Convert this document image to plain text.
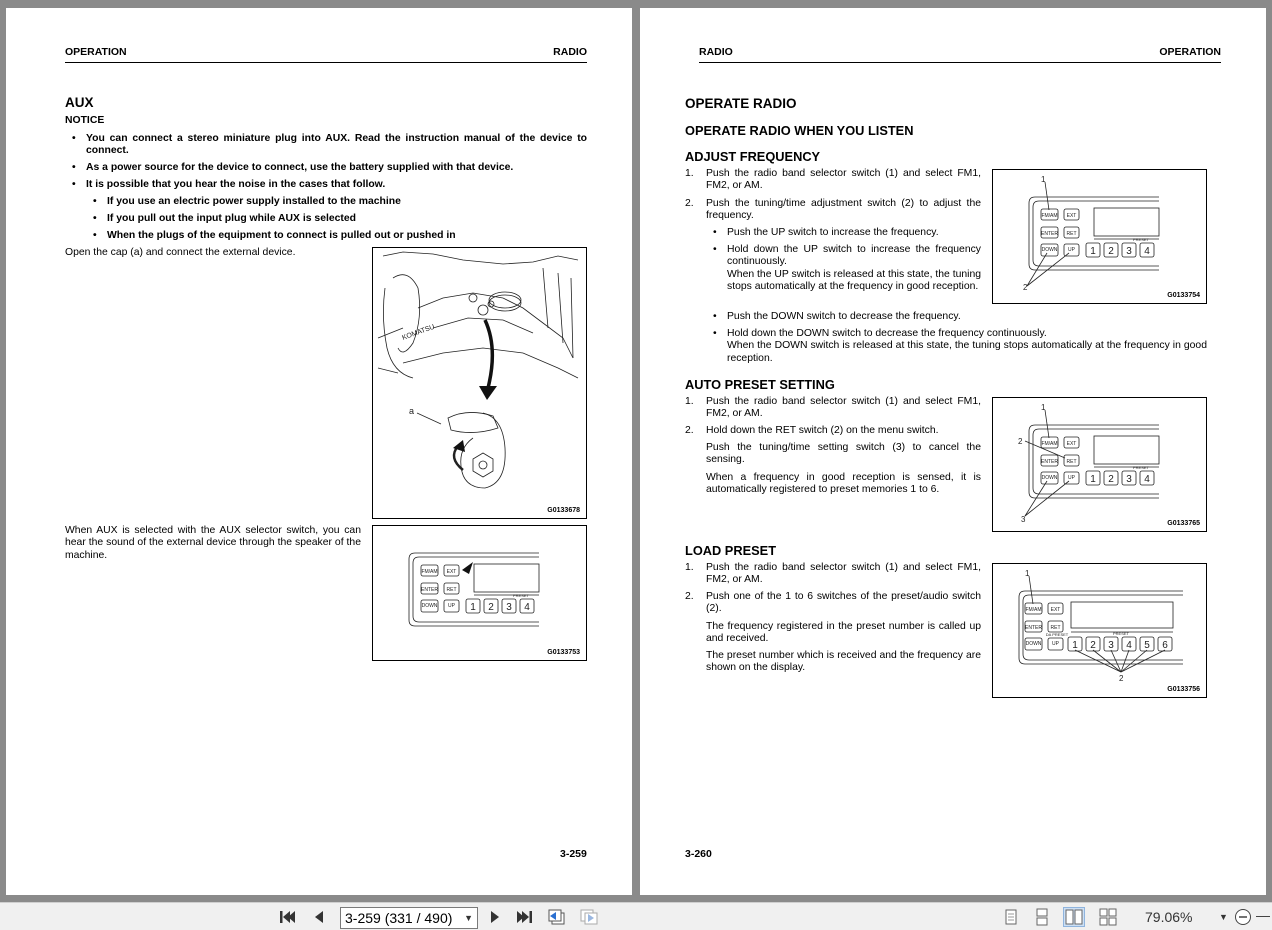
OPERATION	RADIO
AUX
NOTICE
• You can connect a stereo miniature plug into AUX. Read the instruction manual of the device to connect.
• As a power source for the device to connect, use the battery supplied with that device.
• It is possible that you hear the noise in the cases that follow.
• If you use an electric power supply installed to the machine
• If you pull out the input plug while AUX is selected
• When the plugs of the equipment to connect is pulled out or pushed in
Open the cap (a) and connect the external device.
KOMATSU
a
G0133678
When AUX is selected with the AUX selector switch, you can hear the sound of the external device through the speaker of the machine.
FM/AM EXT
ENTER RET
DOWN UP
PRESET
1 2 3 4
G0133753
3-259
RADIO	OPERATION
OPERATE RADIO
OPERATE RADIO WHEN YOU LISTEN
ADJUST FREQUENCY
1. Push the radio band selector switch (1) and select FM1, FM2, or AM.
2. Push the tuning/time adjustment switch (2) to adjust the frequency.
• Push the UP switch to increase the frequency.
• Hold down the UP switch to increase the frequency continuously.
When the UP switch is released at this state, the tuning stops automatically at the frequency in good reception.
• Push the DOWN switch to decrease the frequency.
• Hold down the DOWN switch to decrease the frequency continuously.
When the DOWN switch is released at this state, the tuning stops automatically at the frequency in good reception.
FM/AM EXT
ENTER RET
DOWN UP
PRESET
1 2 3 4
1
2
G0133754
AUTO PRESET SETTING
1. Push the radio band selector switch (1) and select FM1, FM2, or AM.
2. Hold down the RET switch (2) on the menu switch.
Push the tuning/time setting switch (3) to cancel the sensing.
When a frequency in good reception is sensed, it is automatically registered to preset memories 1 to 6.
FM/AM EXT
ENTER RET
DOWN UP
PRESET
1 2 3 4
1
2
3	G0133765
LOAD PRESET
1. Push the radio band selector switch (1) and select FM1, FM2, or AM.
2. Push one of the 1 to 6 switches of the preset/audio switch (2).
The frequency registered in the preset number is called up and received.
The preset number which is received and the frequency are shown on the display.
FM/AM EXT
ENTER RET
DOWN UP
PRESET
DA PRESET
1 2 3 4 5 6
1
2
G0133756
3-260
3-259 (331 / 490) ▼	79.06%	▼
